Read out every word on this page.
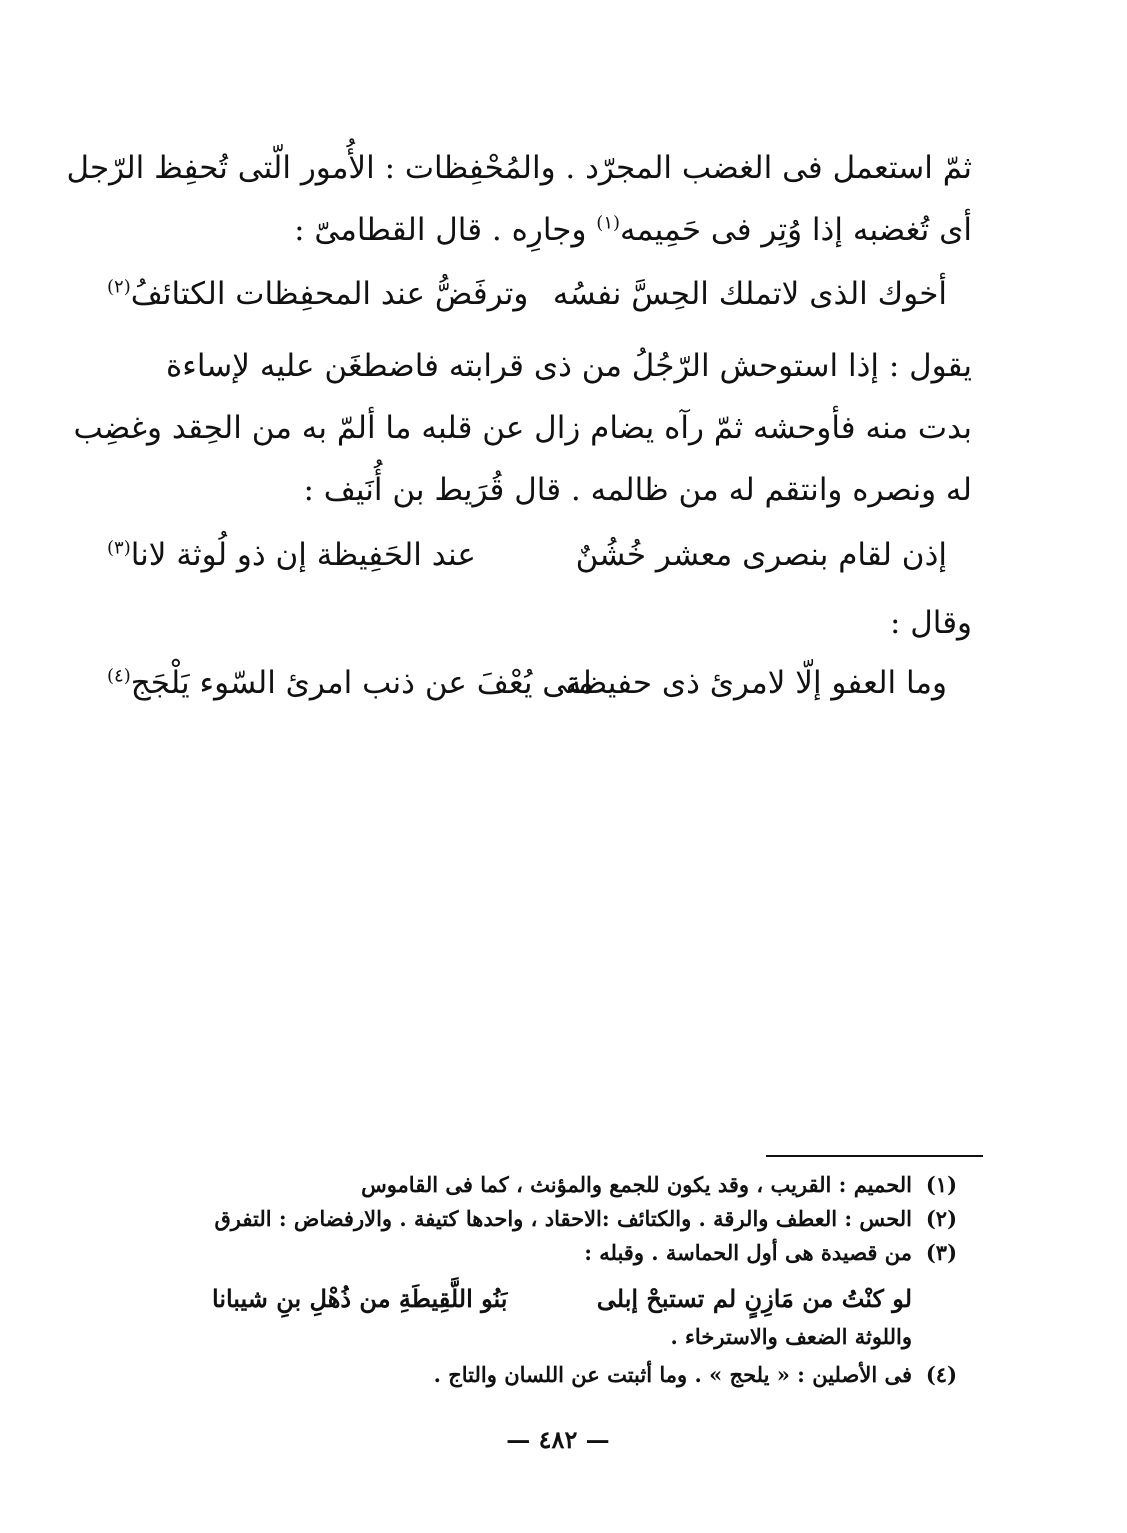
ثمّ استعمل فى الغضب المجرّد . والمُحْفِظات : الأُمور الّتى تُحفِظ الرّجل
أى تُغضبه إذا وُتِر فى حَمِيمه$^{(١)}$ وجارِه . قال القطامىّ :
أخوك الذى لاتملك الحِسَّ نفسُه
وترفَضُّ عند المحفِظات الكتائفُ$^{(٢)}$
يقول : إذا استوحش الرّجُلُ من ذى قرابته فاضطغَن عليه لإساءة
بدت منه فأوحشه ثمّ رآه يضام زال عن قلبه ما ألمّ به من الحِقد وغضِب
له ونصره وانتقم له من ظالمه . قال قُرَيط بن أُنَيف :
إذن لقام بنصرى معشر خُشُنٌ
عند الحَفِيظة إن ذو لُوثة لانا$^{(٣)}$
وقال :
وما العفو إلّا لامرئ ذى حفيظة
متى يُعْفَ عن ذنب امرئ السّوء يَلْجَج$^{(٤)}$
(١)
الحميم : القريب ، وقد يكون للجمع والمؤنث ، كما فى القاموس
(٢)
الحس : العطف والرقة . والكتائف :الاحقاد ، واحدها كتيفة . والارفضاض : التفرق
(٣)
من قصيدة هى أول الحماسة . وقبله :
لو كنْتُ من مَازِنٍ لم تستبحْ إبلى
بَنُو اللَّقِيطَةِ من ذُهْلِ بنِ شيبانا
واللوثة الضعف والاسترخاء .
(٤)
فى الأصلين : « يلحج » . وما أثبتت عن اللسان والتاج .
— ٤٨٢ —
